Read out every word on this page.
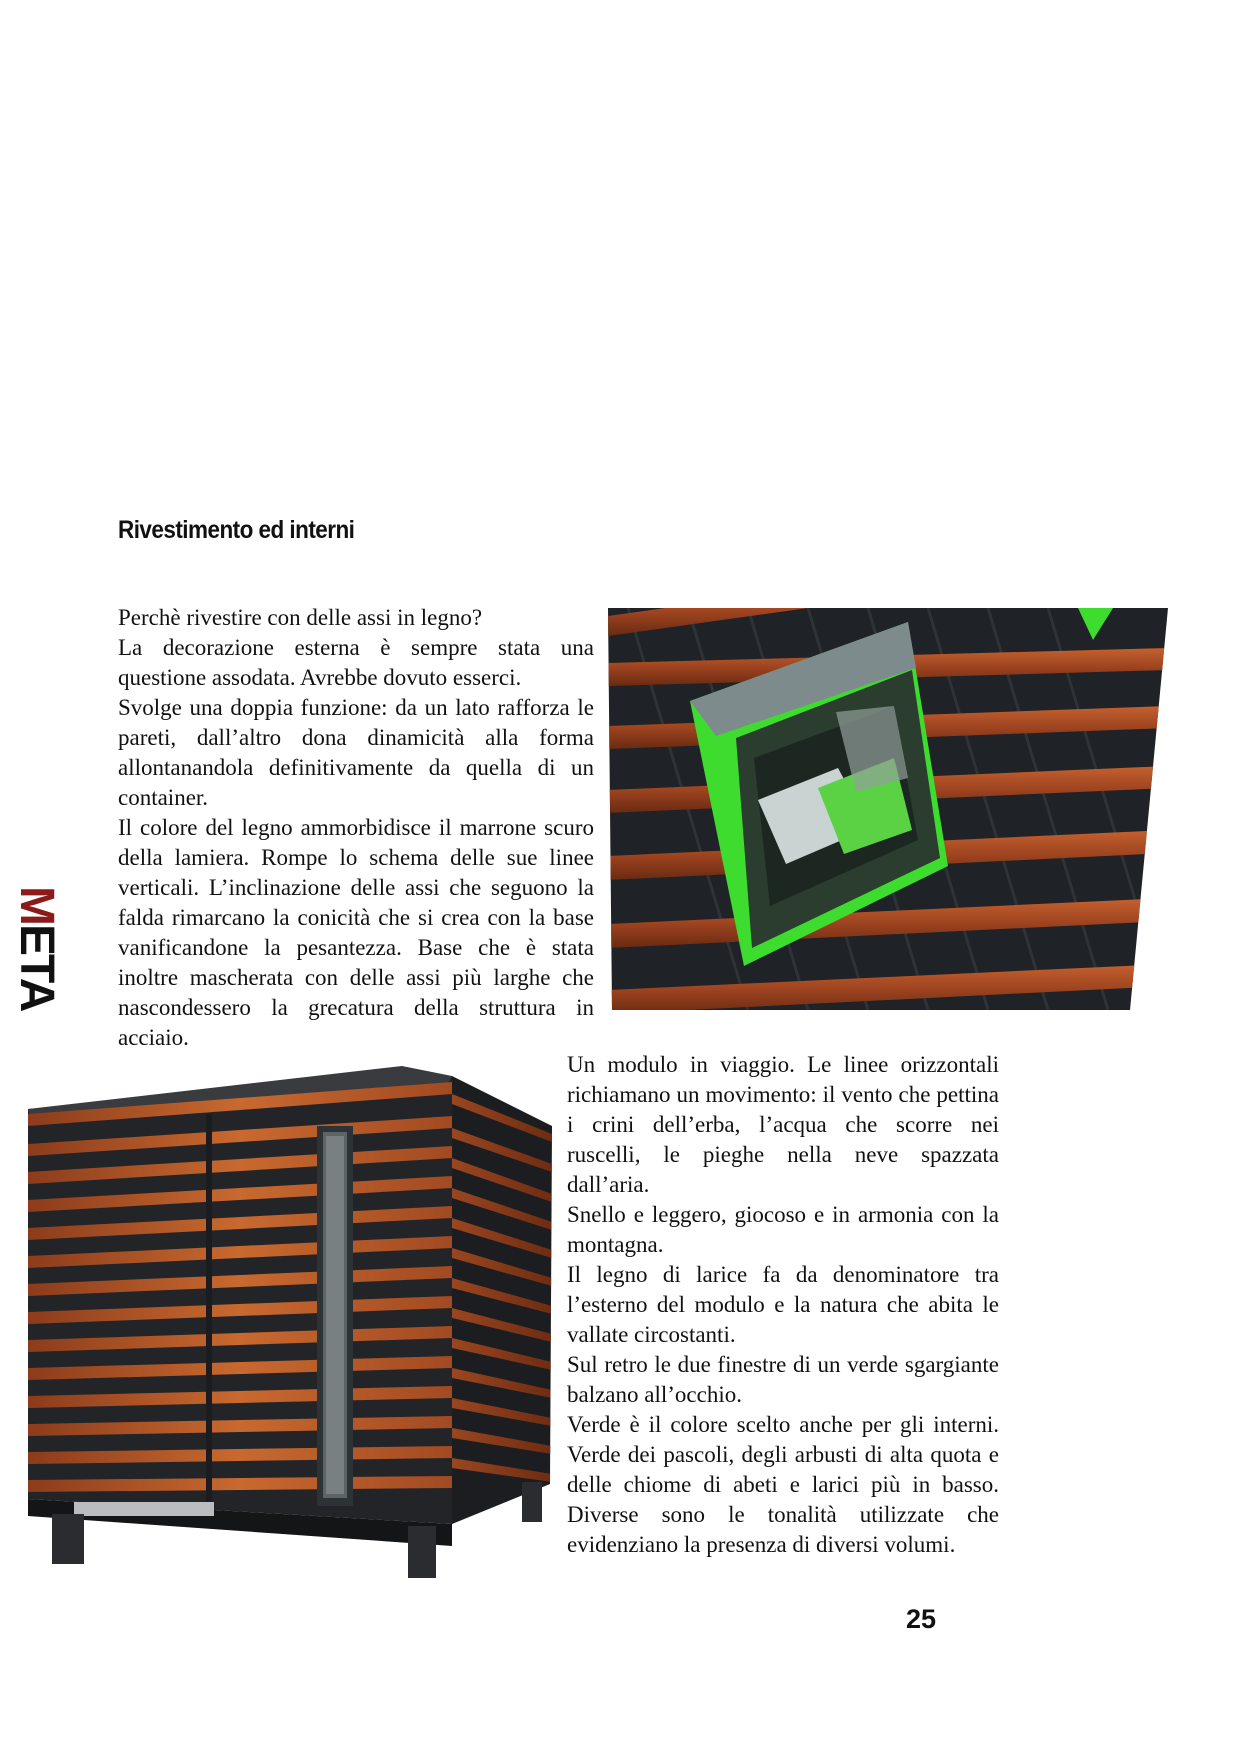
META
Rivestimento ed interni

Perchè rivestire con delle assi in legno?

La decorazione esterna è sempre stata una questione assodata. Avrebbe dovuto esserci.

Svolge una doppia funzione: da un lato rafforza le pareti, dall’altro dona dinamicità alla forma allontanandola definitivamente da quella di un container.

Il colore del legno ammorbidisce il marrone scuro della lamiera. Rompe lo schema delle sue linee verticali. L’inclinazione delle assi che seguono la falda rimarcano la conicità che si crea con la base vanificandone la pesantezza. Base che è stata inoltre mascherata con delle assi più larghe che nascondessero la grecatura della struttura in acciaio.

Un modulo in viaggio. Le linee orizzontali richiamano un movimento: il vento che pettina i crini dell’erba, l’acqua che scorre nei ruscelli, le pieghe nella neve spazzata dall’aria.

Snello e leggero, giocoso e in armonia con la montagna.

Il legno di larice fa da denominatore tra l’esterno del modulo e la natura che abita le vallate circostanti.

Sul retro le due finestre di un verde sgargiante balzano all’occhio.

Verde è il colore scelto anche per gli interni. Verde dei pascoli, degli arbusti di alta quota e delle chiome di abeti e larici più in basso. Diverse sono le tonalità utilizzate che evidenziano la presenza di diversi volumi.

25
